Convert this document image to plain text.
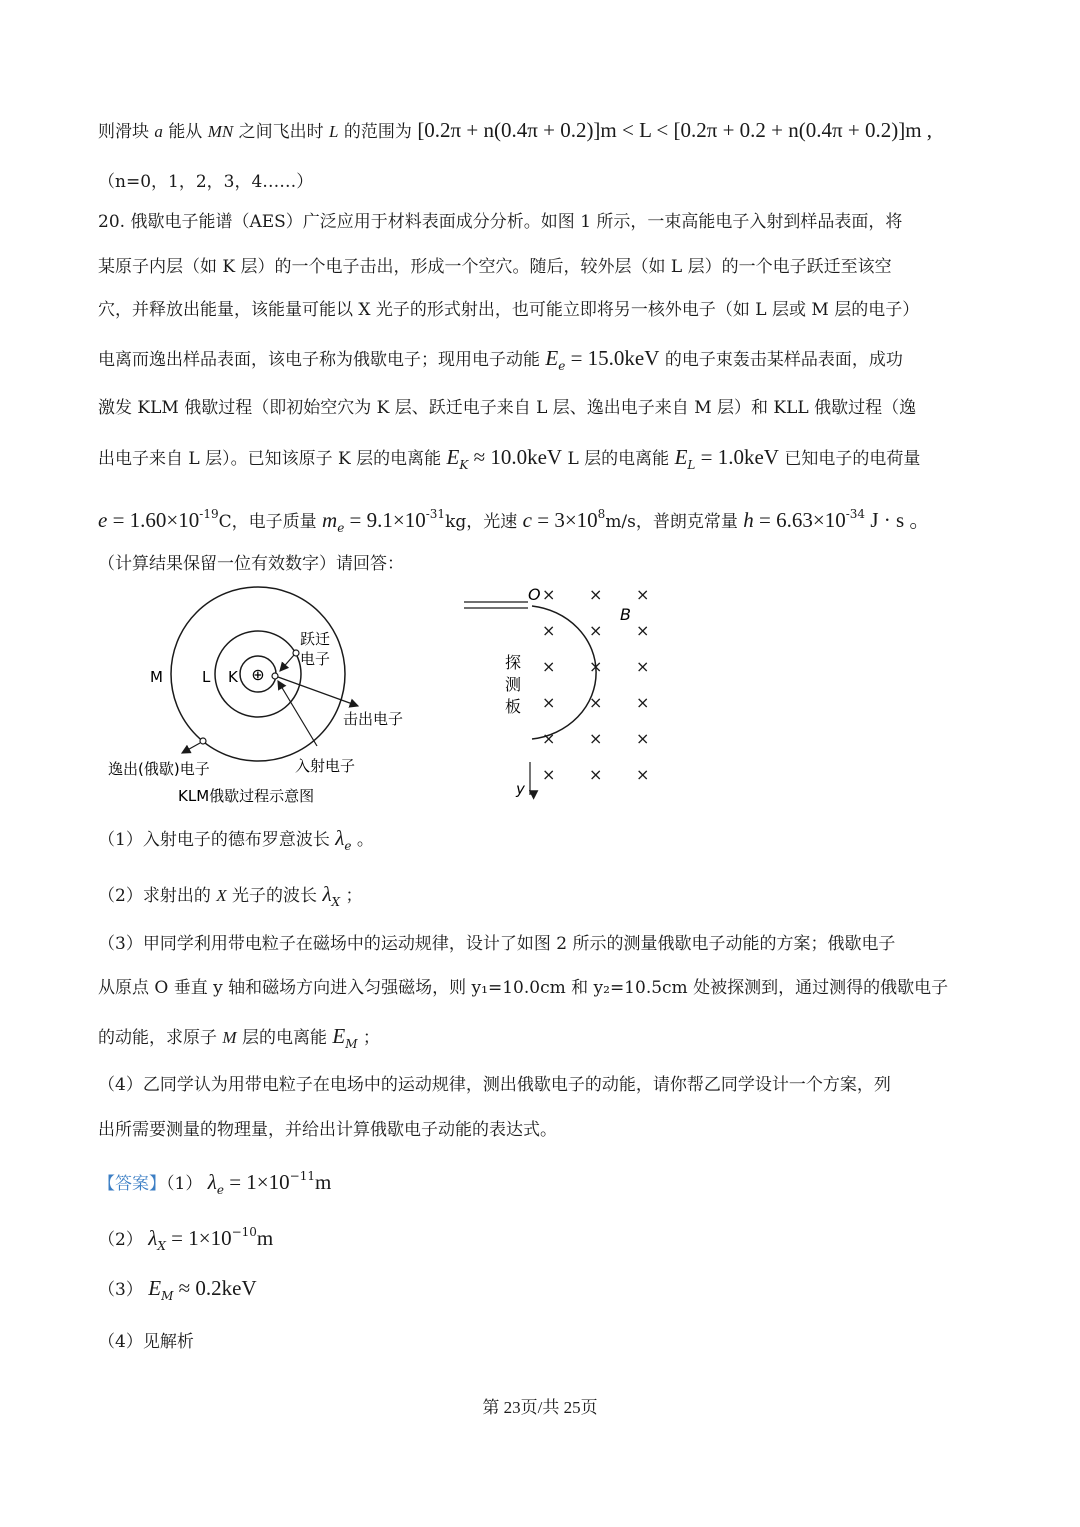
则滑块 a 能从 MN 之间飞出时 L 的范围为 [0.2π + n(0.4π + 0.2)]m < L < [0.2π + 0.2 + n(0.4π + 0.2)]m ,
（n=0，1，2，3，4……）
20. 俄歇电子能谱（AES）广泛应用于材料表面成分分析。如图 1 所示，一束高能电子入射到样品表面，将
某原子内层（如 K 层）的一个电子击出，形成一个空穴。随后，较外层（如 L 层）的一个电子跃迁至该空
穴，并释放出能量，该能量可能以 X 光子的形式射出，也可能立即将另一核外电子（如 L 层或 M 层的电子）
电离而逸出样品表面，该电子称为俄歇电子；现用电子动能 $E_e = 15.0keV$ 的电子束轰击某样品表面，成功
激发 KLM 俄歇过程（即初始空穴为 K 层、跃迁电子来自 L 层、逸出电子来自 M 层）和 KLL 俄歇过程（逸
出电子来自 L 层）。已知该原子 K 层的电离能 $E_K \approx 10.0keV$ L 层的电离能 $E_L = 1.0keV$ 已知电子的电荷量
$e = 1.60\times 10^{-19}C$，电子质量 $m_e = 9.1\times 10^{-31}kg$，光速 $c = 3\times 10^8m/s$，普朗克常量 $h = 6.63\times 10^{-34}$ J · s 。
（计算结果保留一位有效数字）请回答：
⊕
M	L K
跃迁
电子
击出电子
逸出(俄歇)电子	入射电子
KLM俄歇过程示意图
O
B
探
测
板
y
× × ×
× × ×
× × ×
× × ×
× × ×
× × ×
（1）入射电子的德布罗意波长 $\lambda_e$ 。
（2）求射出的 X 光子的波长 $\lambda_X$ ；
（3）甲同学利用带电粒子在磁场中的运动规律，设计了如图 2 所示的测量俄歇电子动能的方案；俄歇电子
从原点 O 垂直 y 轴和磁场方向进入匀强磁场，则 y₁=10.0cm 和 y₂=10.5cm 处被探测到，通过测得的俄歇电子
的动能，求原子 M 层的电离能 $E_M$ ；
（4）乙同学认为用带电粒子在电场中的运动规律，测出俄歇电子的动能，请你帮乙同学设计一个方案，列
出所需要测量的物理量，并给出计算俄歇电子动能的表达式。
【答案】（1） $\lambda_e = 1\times 10^{-11}m$
（2） $\lambda_X = 1\times 10^{-10}m$
（3） $E_M \approx 0.2keV$
（4）见解析
第 23页/共 25页
